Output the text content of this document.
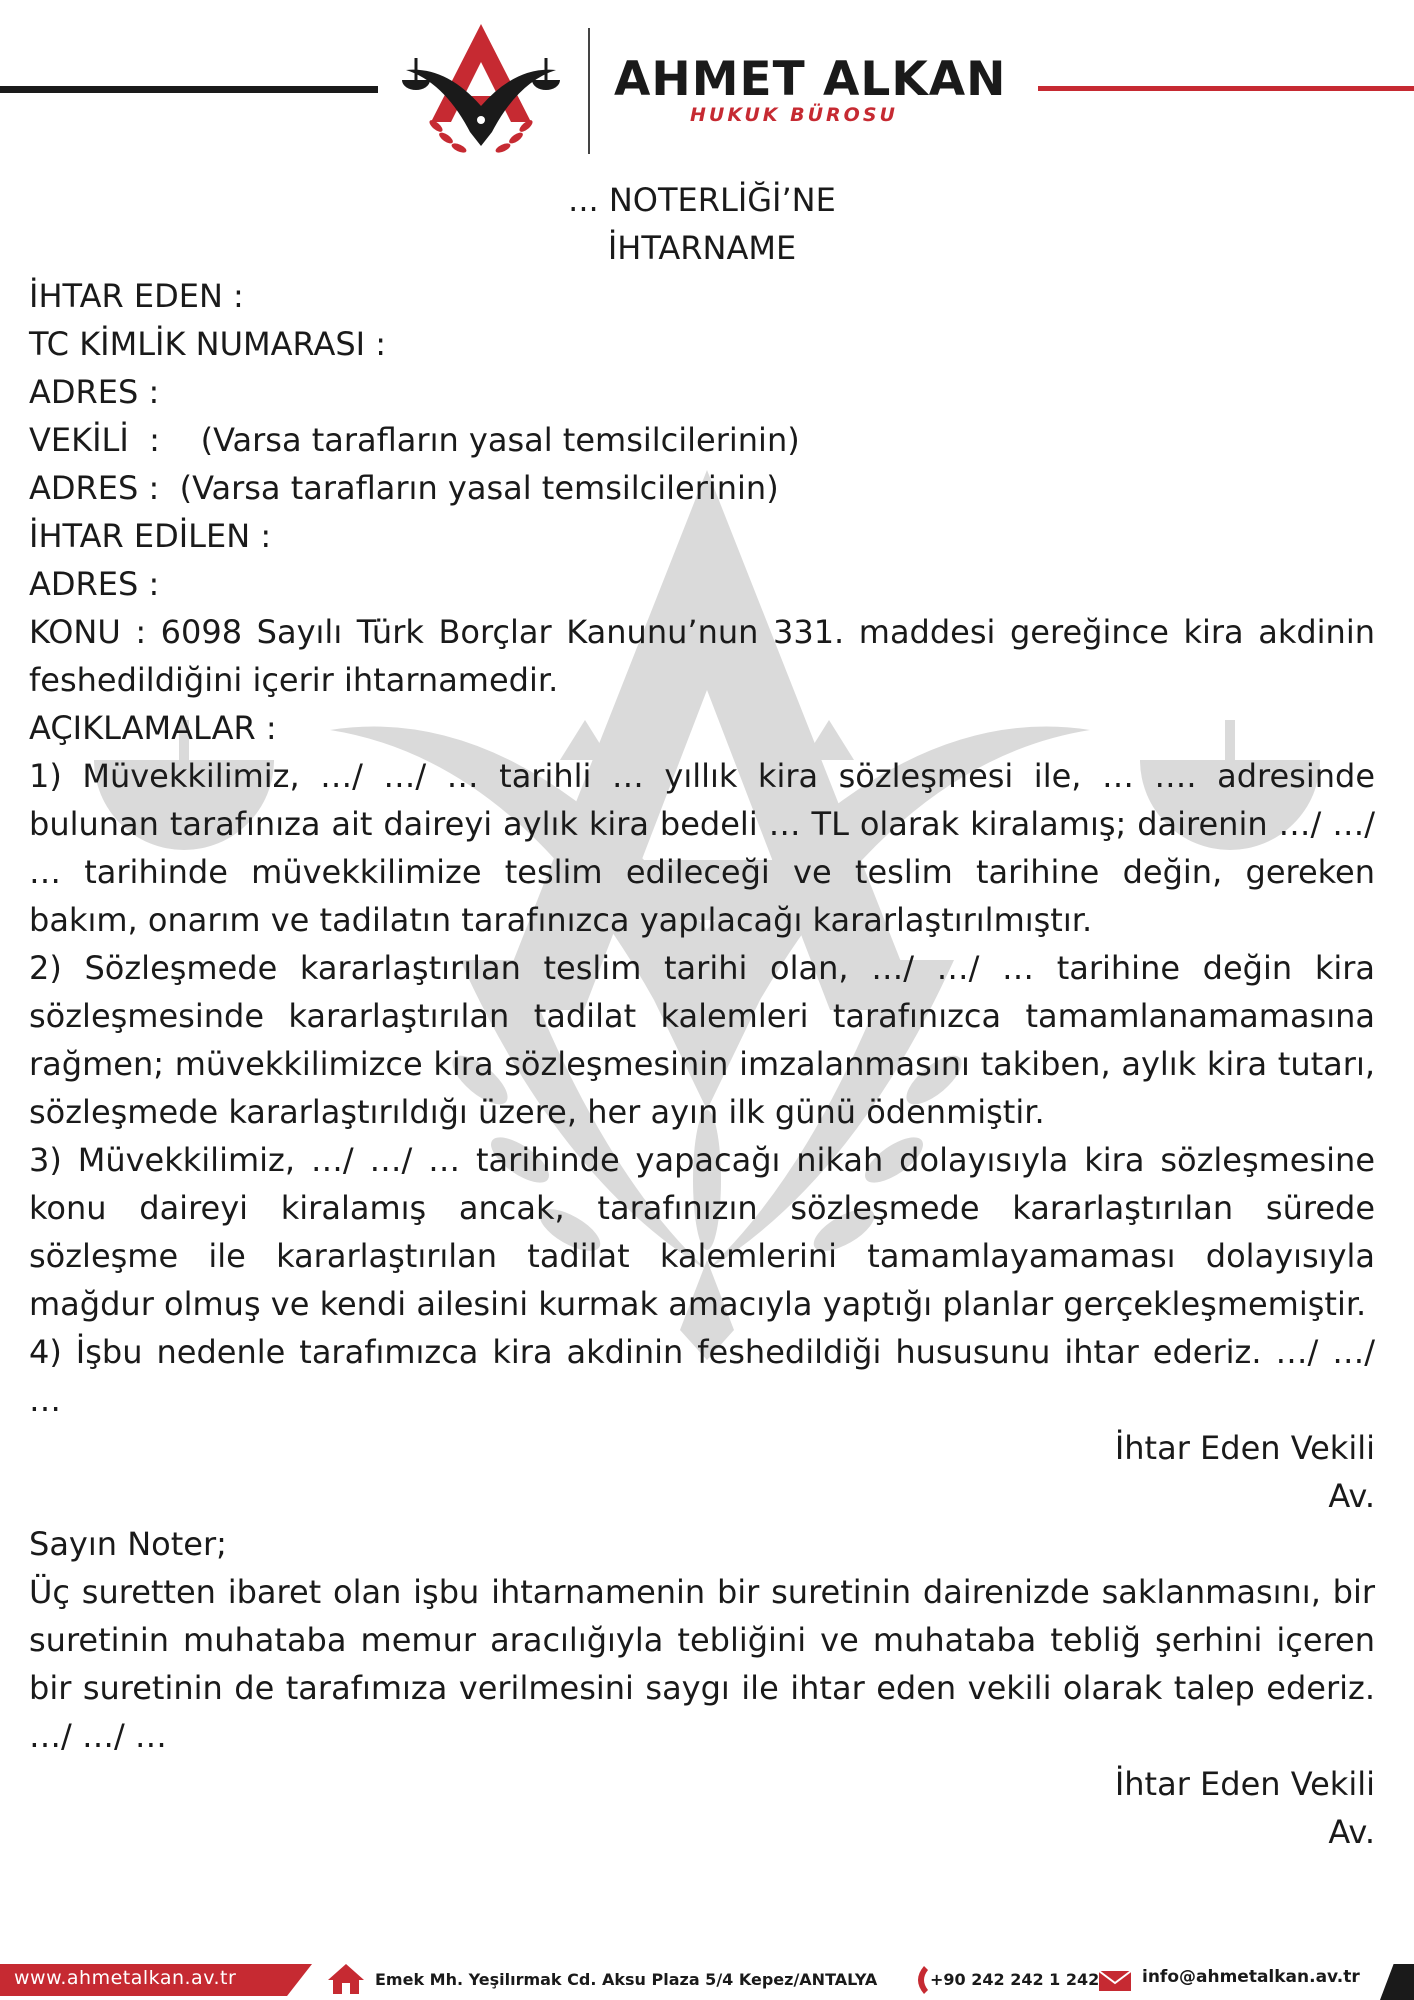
AHMET ALKAN
HUKUK BÜROSU

... NOTERLİĞİ’NE

İHTARNAME

İHTAR EDEN :

TC KİMLİK NUMARASI :

ADRES :

VEKİLİ  :    (Varsa tarafların yasal temsilcilerinin)

ADRES :  (Varsa tarafların yasal temsilcilerinin)

İHTAR EDİLEN :

ADRES :

KONU : 6098 Sayılı Türk Borçlar Kanunu’nun 331. maddesi gereğince kira akdinin feshedildiğini içerir ihtarnamedir.

AÇIKLAMALAR :

1) Müvekkilimiz, …/ …/ … tarihli … yıllık kira sözleşmesi ile, … …. adresinde bulunan tarafınıza ait daireyi aylık kira bedeli … TL olarak kiralamış; dairenin …/ …/ … tarihinde müvekkilimize teslim edileceği ve teslim tarihine değin, gereken bakım, onarım ve tadilatın tarafınızca yapılacağı kararlaştırılmıştır.

2) Sözleşmede kararlaştırılan teslim tarihi olan, …/ …/ … tarihine değin kira sözleşmesinde kararlaştırılan tadilat kalemleri tarafınızca tamamlanamamasına rağmen; müvekkilimizce kira sözleşmesinin imzalanmasını takiben, aylık kira tutarı, sözleşmede kararlaştırıldığı üzere, her ayın ilk günü ödenmiştir.

3) Müvekkilimiz, …/ …/ … tarihinde yapacağı nikah dolayısıyla kira sözleşmesine konu daireyi kiralamış ancak, tarafınızın sözleşmede kararlaştırılan sürede sözleşme ile kararlaştırılan tadilat kalemlerini tamamlayamaması dolayısıyla mağdur olmuş ve kendi ailesini kurmak amacıyla yaptığı planlar gerçekleşmemiştir.

4) İşbu nedenle tarafımızca kira akdinin feshedildiği hususunu ihtar ederiz. …/ …/ …

İhtar Eden Vekili

Av.

Sayın Noter;

Üç suretten ibaret olan işbu ihtarnamenin bir suretinin dairenizde saklanmasını, bir suretinin muhataba memur aracılığıyla tebliğini ve muhataba tebliğ şerhini içeren bir suretinin de tarafımıza verilmesini saygı ile ihtar eden vekili olarak talep ederiz. …/ …/ …

İhtar Eden Vekili

Av.

www.ahmetalkan.av.tr	Emek Mh. Yeşilırmak Cd. Aksu Plaza 5/4 Kepez/ANTALYA	+90 242 242 1 242	info@ahmetalkan.av.tr
